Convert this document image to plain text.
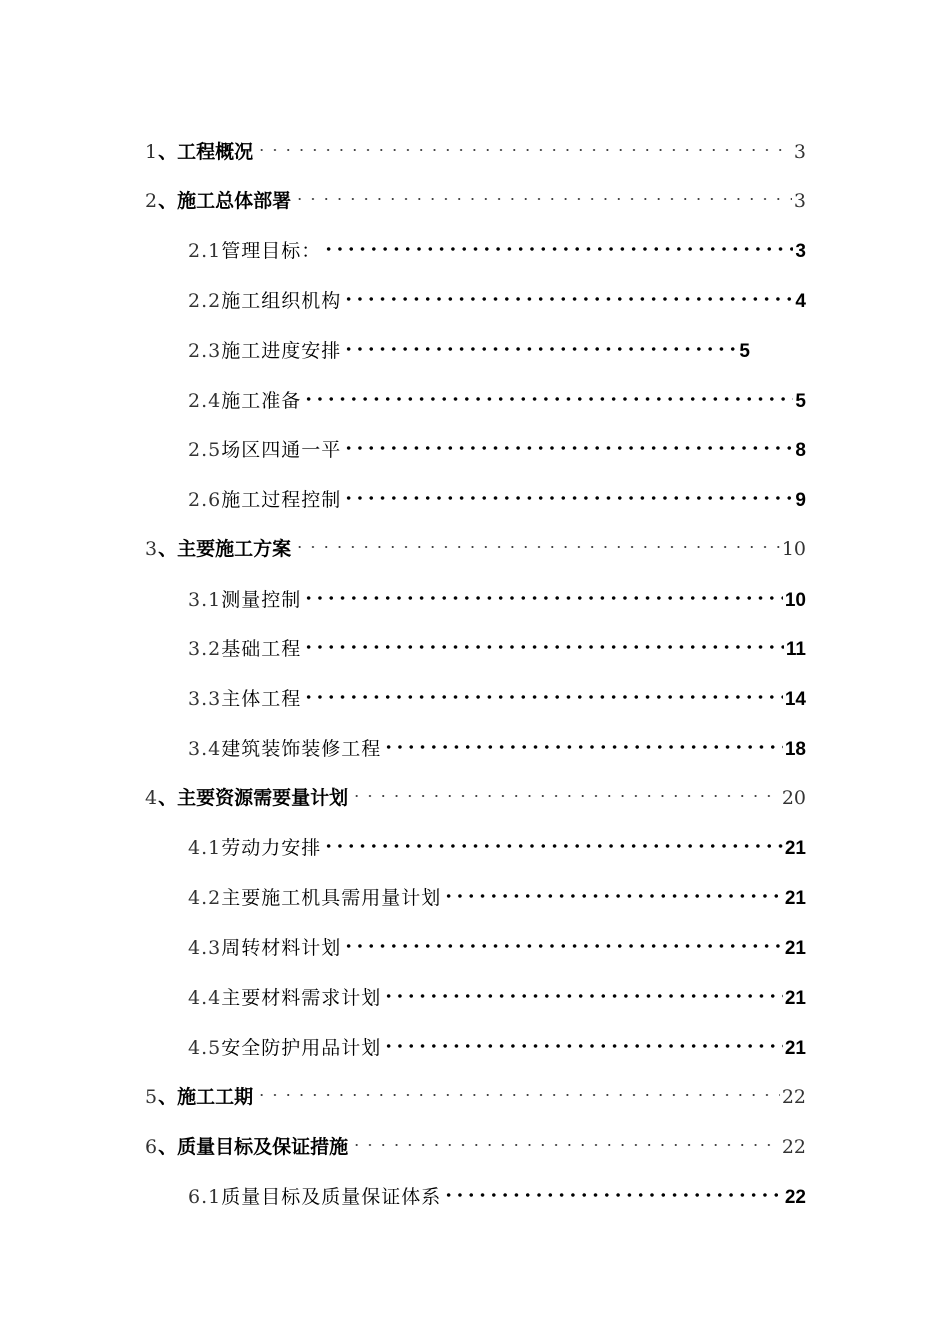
1 、工程概况	3
2 、施工总体部署	3
2.1 管理目标：	3
2.2 施工组织机构	4
2.3 施工进度安排	5
2.4 施工准备	5
2.5 场区四通一平	8
2.6 施工过程控制	9
3 、主要施工方案	10
3.1 测量控制	10
3.2 基础工程	11
3.3 主体工程	14
3.4 建筑装饰装修工程	18
4 、主要资源需要量计划	20
4.1 劳动力安排	21
4.2 主要施工机具需用量计划	21
4.3 周转材料计划	21
4.4 主要材料需求计划	21
4.5 安全防护用品计划	21
5 、施工工期	22
6 、质量目标及保证措施	22
6.1 质量目标及质量保证体系	22
